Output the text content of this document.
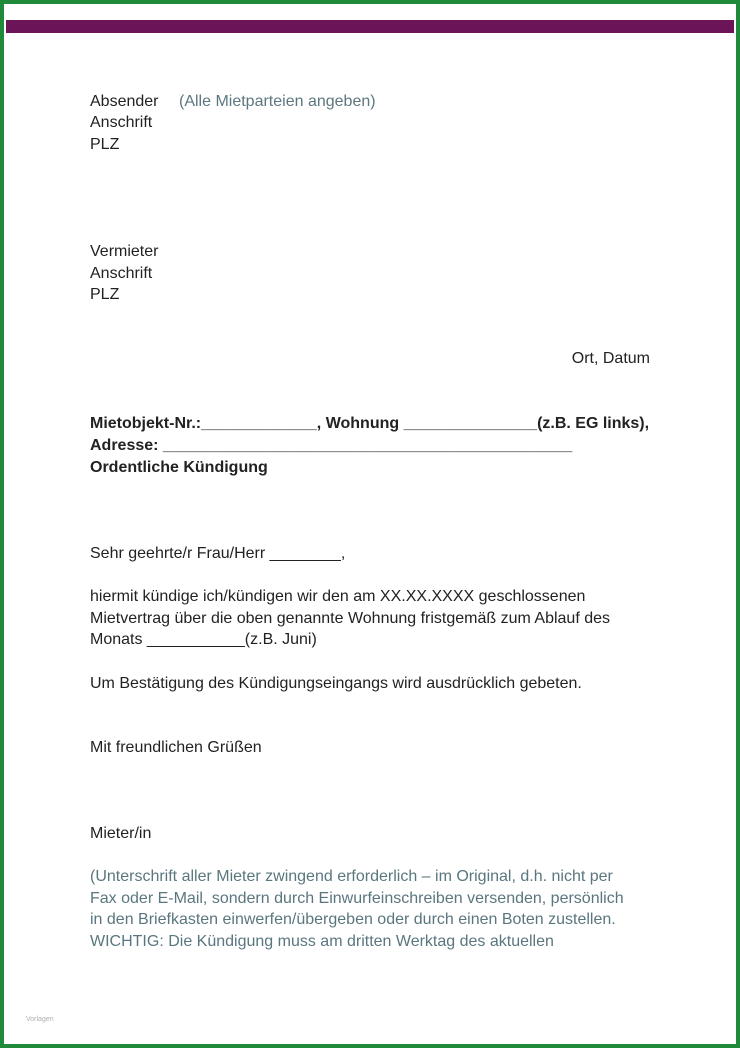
Absender (Alle Mietparteien angeben)
Anschrift
PLZ
Vermieter
Anschrift
PLZ
Ort, Datum
Mietobjekt-Nr.:_____________, Wohnung _______________(z.B. EG links),
Adresse: ______________________________________________
Ordentliche Kündigung
Sehr geehrte/r Frau/Herr ________,
hiermit kündige ich/kündigen wir den am XX.XX.XXXX geschlossenen
Mietvertrag über die oben genannte Wohnung fristgemäß zum Ablauf des
Monats ___________(z.B. Juni)
Um Bestätigung des Kündigungseingangs wird ausdrücklich gebeten.
Mit freundlichen Grüßen
Mieter/in
(Unterschrift aller Mieter zwingend erforderlich – im Original, d.h. nicht per
Fax oder E-Mail, sondern durch Einwurfeinschreiben versenden, persönlich
in den Briefkasten einwerfen/übergeben oder durch einen Boten zustellen.
WICHTIG: Die Kündigung muss am dritten Werktag des aktuellen
Vorlagen
